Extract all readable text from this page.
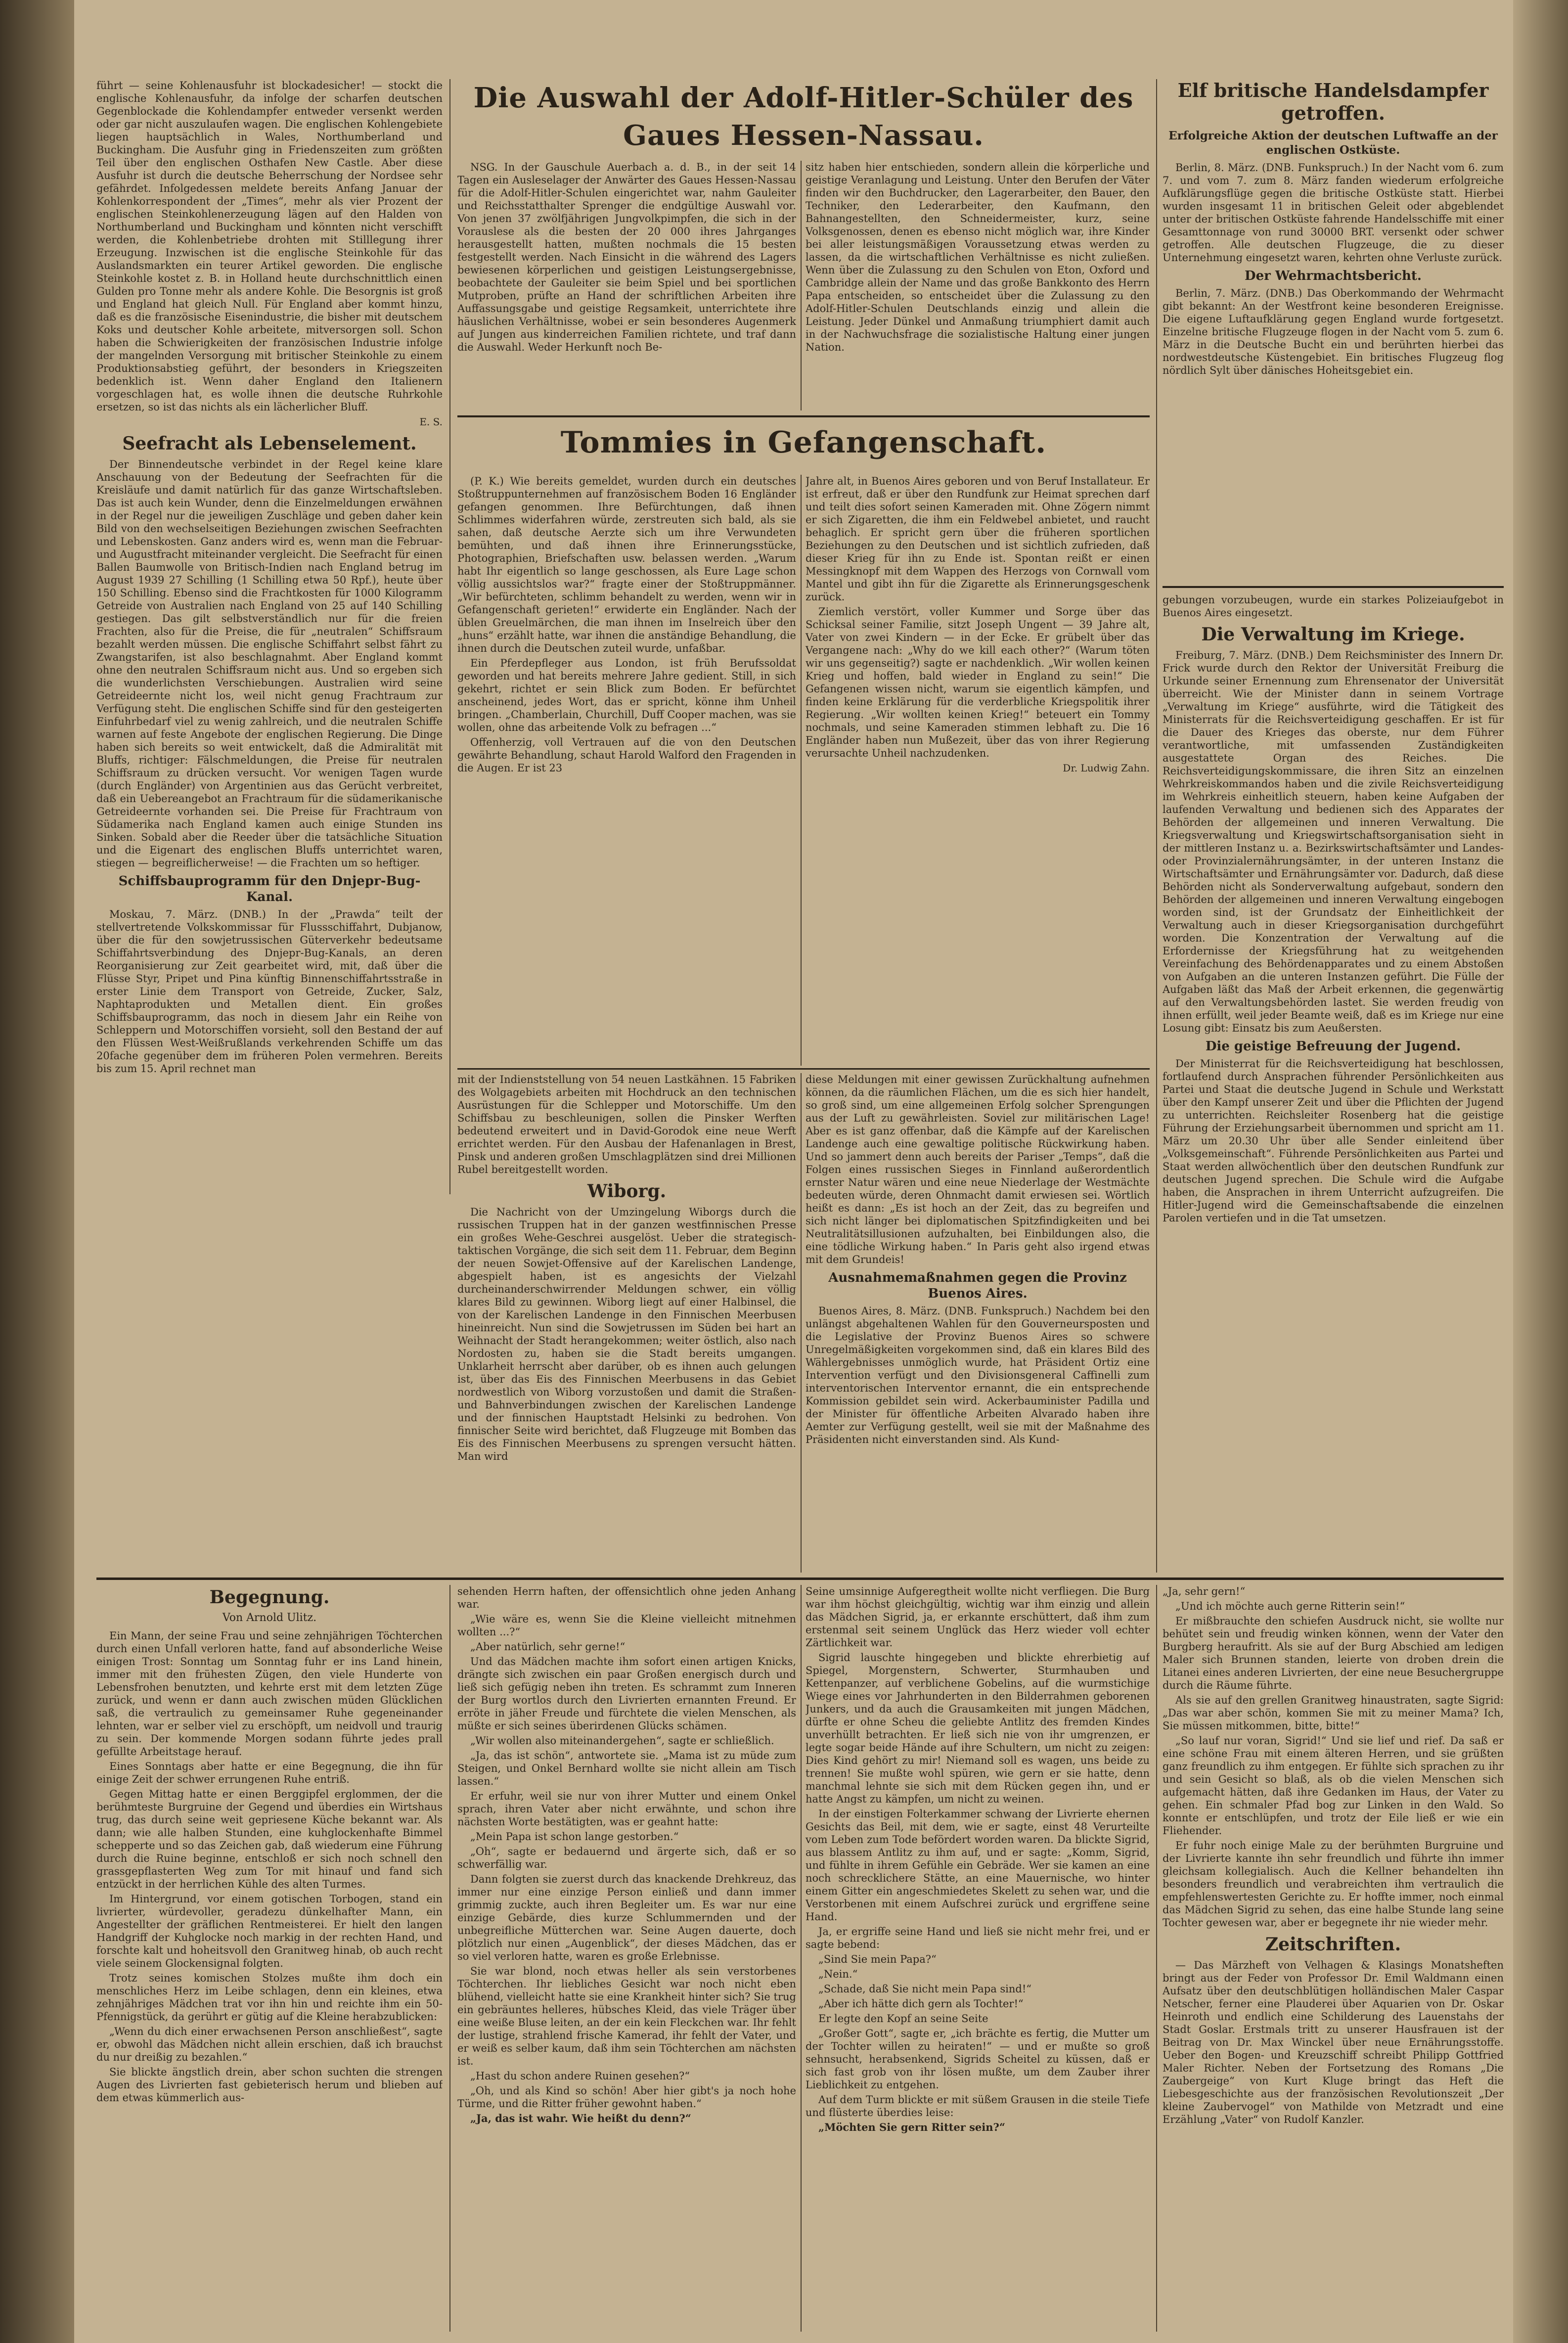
führt — seine Kohlenausfuhr ist blockadesicher! — stockt die englische Kohlenausfuhr, da infolge der scharfen deutschen Gegenblockade die Kohlendampfer entweder versenkt werden oder gar nicht auszulaufen wagen. Die englischen Kohlengebiete liegen hauptsächlich in Wales, Northumberland und Buckingham. Die Ausfuhr ging in Friedenszeiten zum größten Teil über den englischen Osthafen New Castle. Aber diese Ausfuhr ist durch die deutsche Beherrschung der Nordsee sehr gefährdet. Infolgedessen meldete bereits Anfang Januar der Kohlenkorrespondent der „Times“, mehr als vier Prozent der englischen Steinkohlenerzeugung lägen auf den Halden von Northumberland und Buckingham und könnten nicht verschifft werden, die Kohlenbetriebe drohten mit Stilllegung ihrer Erzeugung. Inzwischen ist die englische Steinkohle für das Auslandsmarkten ein teurer Artikel geworden. Die englische Steinkohle kostet z. B. in Holland heute durchschnittlich einen Gulden pro Tonne mehr als andere Kohle. Die Besorgnis ist groß und England hat gleich Null. Für England aber kommt hinzu, daß es die französische Eisenindustrie, die bisher mit deutschem Koks und deutscher Kohle arbeitete, mitversorgen soll. Schon haben die Schwierigkeiten der französischen Industrie infolge der mangelnden Versorgung mit britischer Steinkohle zu einem Produktionsabstieg geführt, der besonders in Kriegszeiten bedenklich ist. Wenn daher England den Italienern vorgeschlagen hat, es wolle ihnen die deutsche Ruhrkohle ersetzen, so ist das nichts als ein lächerlicher Bluff.

E. S.
Seefracht als Lebenselement.

Der Binnendeutsche verbindet in der Regel keine klare Anschauung von der Bedeutung der Seefrachten für die Kreisläufe und damit natürlich für das ganze Wirtschaftsleben. Das ist auch kein Wunder, denn die Einzelmeldungen erwähnen in der Regel nur die jeweiligen Zuschläge und geben daher kein Bild von den wechselseitigen Beziehungen zwischen Seefrachten und Lebenskosten. Ganz anders wird es, wenn man die Februar- und Augustfracht miteinander vergleicht. Die Seefracht für einen Ballen Baumwolle von Britisch-Indien nach England betrug im August 1939 27 Schilling (1 Schilling etwa 50 Rpf.), heute über 150 Schilling. Ebenso sind die Frachtkosten für 1000 Kilogramm Getreide von Australien nach England von 25 auf 140 Schilling gestiegen. Das gilt selbstverständlich nur für die freien Frachten, also für die Preise, die für „neutralen“ Schiffsraum bezahlt werden müssen. Die englische Schiffahrt selbst fährt zu Zwangstarifen, ist also beschlagnahmt. Aber England kommt ohne den neutralen Schiffsraum nicht aus. Und so ergeben sich die wunderlichsten Verschiebungen. Australien wird seine Getreideernte nicht los, weil nicht genug Frachtraum zur Verfügung steht. Die englischen Schiffe sind für den gesteigerten Einfuhrbedarf viel zu wenig zahlreich, und die neutralen Schiffe warnen auf feste Angebote der englischen Regierung. Die Dinge haben sich bereits so weit entwickelt, daß die Admiralität mit Bluffs, richtiger: Fälschmeldungen, die Preise für neutralen Schiffsraum zu drücken versucht. Vor wenigen Tagen wurde (durch Engländer) von Argentinien aus das Gerücht verbreitet, daß ein Uebereangebot an Frachtraum für die südamerikanische Getreideernte vorhanden sei. Die Preise für Frachtraum von Südamerika nach England kamen auch einige Stunden ins Sinken. Sobald aber die Reeder über die tatsächliche Situation und die Eigenart des englischen Bluffs unterrichtet waren, stiegen — begreiflicherweise! — die Frachten um so heftiger.

Schiffsbauprogramm für den Dnjepr-Bug-Kanal.

Moskau, 7. März. (DNB.) In der „Prawda“ teilt der stellvertretende Volkskommissar für Flussschiffahrt, Dubjanow, über die für den sowjetrussischen Güterverkehr bedeutsame Schiffahrtsverbindung des Dnjepr-Bug-Kanals, an deren Reorganisierung zur Zeit gearbeitet wird, mit, daß über die Flüsse Styr, Pripet und Pina künftig Binnenschiffahrtsstraße in erster Linie dem Transport von Getreide, Zucker, Salz, Naphtaprodukten und Metallen dient. Ein großes Schiffsbauprogramm, das noch in diesem Jahr ein Reihe von Schleppern und Motorschiffen vorsieht, soll den Bestand der auf den Flüssen West-Weißrußlands verkehrenden Schiffe um das 20fache gegenüber dem im früheren Polen vermehren. Bereits bis zum 15. April rechnet man

Die Auswahl der Adolf-Hitler-Schüler des Gaues Hessen-Nassau.

NSG. In der Gauschule Auerbach a. d. B., in der seit 14 Tagen ein Ausleselager der Anwärter des Gaues Hessen-Nassau für die Adolf-Hitler-Schulen eingerichtet war, nahm Gauleiter und Reichsstatthalter Sprenger die endgültige Auswahl vor. Von jenen 37 zwölfjährigen Jungvolkpimpfen, die sich in der Vorauslese als die besten der 20 000 ihres Jahrganges herausgestellt hatten, mußten nochmals die 15 besten festgestellt werden. Nach Einsicht in die während des Lagers bewiesenen körperlichen und geistigen Leistungsergebnisse, beobachtete der Gauleiter sie beim Spiel und bei sportlichen Mutproben, prüfte an Hand der schriftlichen Arbeiten ihre Auffassungsgabe und geistige Regsamkeit, unterrichtete ihre häuslichen Verhältnisse, wobei er sein besonderes Augenmerk auf Jungen aus kinderreichen Familien richtete, und traf dann die Auswahl. Weder Herkunft noch Be-

sitz haben hier entschieden, sondern allein die körperliche und geistige Veranlagung und Leistung. Unter den Berufen der Väter finden wir den Buchdrucker, den Lagerarbeiter, den Bauer, den Techniker, den Lederarbeiter, den Kaufmann, den Bahnangestellten, den Schneidermeister, kurz, seine Volksgenossen, denen es ebenso nicht möglich war, ihre Kinder bei aller leistungsmäßigen Voraussetzung etwas werden zu lassen, da die wirtschaftlichen Verhältnisse es nicht zuließen. Wenn über die Zulassung zu den Schulen von Eton, Oxford und Cambridge allein der Name und das große Bankkonto des Herrn Papa entscheiden, so entscheidet über die Zulassung zu den Adolf-Hitler-Schulen Deutschlands einzig und allein die Leistung. Jeder Dünkel und Anmaßung triumphiert damit auch in der Nachwuchsfrage die sozialistische Haltung einer jungen Nation.

Tommies in Gefangenschaft.

(P. K.) Wie bereits gemeldet, wurden durch ein deutsches Stoßtruppunternehmen auf französischem Boden 16 Engländer gefangen genommen. Ihre Befürchtungen, daß ihnen Schlimmes widerfahren würde, zerstreuten sich bald, als sie sahen, daß deutsche Aerzte sich um ihre Verwundeten bemühten, und daß ihnen ihre Erinnerungsstücke, Photographien, Briefschaften usw. belassen werden. „Warum habt Ihr eigentlich so lange geschossen, als Eure Lage schon völlig aussichtslos war?“ fragte einer der Stoßtruppmänner. „Wir befürchteten, schlimm behandelt zu werden, wenn wir in Gefangenschaft gerieten!“ erwiderte ein Engländer. Nach der üblen Greuelmärchen, die man ihnen im Inselreich über den „huns“ erzählt hatte, war ihnen die anständige Behandlung, die ihnen durch die Deutschen zuteil wurde, unfaßbar.

Ein Pferdepfleger aus London, ist früh Berufssoldat geworden und hat bereits mehrere Jahre gedient. Still, in sich gekehrt, richtet er sein Blick zum Boden. Er befürchtet anscheinend, jedes Wort, das er spricht, könne ihm Unheil bringen. „Chamberlain, Churchill, Duff Cooper machen, was sie wollen, ohne das arbeitende Volk zu befragen ...“

Offenherzig, voll Vertrauen auf die von den Deutschen gewährte Behandlung, schaut Harold Walford den Fragenden in die Augen. Er ist 23

Jahre alt, in Buenos Aires geboren und von Beruf Installateur. Er ist erfreut, daß er über den Rundfunk zur Heimat sprechen darf und teilt dies sofort seinen Kameraden mit. Ohne Zögern nimmt er sich Zigaretten, die ihm ein Feldwebel anbietet, und raucht behaglich. Er spricht gern über die früheren sportlichen Beziehungen zu den Deutschen und ist sichtlich zufrieden, daß dieser Krieg für ihn zu Ende ist. Spontan reißt er einen Messingknopf mit dem Wappen des Herzogs von Cornwall vom Mantel und gibt ihn für die Zigarette als Erinnerungsgeschenk zurück.

Ziemlich verstört, voller Kummer und Sorge über das Schicksal seiner Familie, sitzt Joseph Ungent — 39 Jahre alt, Vater von zwei Kindern — in der Ecke. Er grübelt über das Vergangene nach: „Why do we kill each other?“ (Warum töten wir uns gegenseitig?) sagte er nachdenklich. „Wir wollen keinen Krieg und hoffen, bald wieder in England zu sein!“ Die Gefangenen wissen nicht, warum sie eigentlich kämpfen, und finden keine Erklärung für die verderbliche Kriegspolitik ihrer Regierung. „Wir wollten keinen Krieg!“ beteuert ein Tommy nochmals, und seine Kameraden stimmen lebhaft zu. Die 16 Engländer haben nun Mußezeit, über das von ihrer Regierung verursachte Unheil nachzudenken.

Dr. Ludwig Zahn.

mit der Indienststellung von 54 neuen Lastkähnen. 15 Fabriken des Wolgagebiets arbeiten mit Hochdruck an den technischen Ausrüstungen für die Schlepper und Motorschiffe. Um den Schiffsbau zu beschleunigen, sollen die Pinsker Werften bedeutend erweitert und in David-Gorodok eine neue Werft errichtet werden. Für den Ausbau der Hafenanlagen in Brest, Pinsk und anderen großen Umschlagplätzen sind drei Millionen Rubel bereitgestellt worden.

Wiborg.

Die Nachricht von der Umzingelung Wiborgs durch die russischen Truppen hat in der ganzen westfinnischen Presse ein großes Wehe-Geschrei ausgelöst. Ueber die strategisch-taktischen Vorgänge, die sich seit dem 11. Februar, dem Beginn der neuen Sowjet-Offensive auf der Karelischen Landenge, abgespielt haben, ist es angesichts der Vielzahl durcheinanderschwirrender Meldungen schwer, ein völlig klares Bild zu gewinnen. Wiborg liegt auf einer Halbinsel, die von der Karelischen Landenge in den Finnischen Meerbusen hineinreicht. Nun sind die Sowjetrussen im Süden bei hart an Weihnacht der Stadt herangekommen; weiter östlich, also nach Nordosten zu, haben sie die Stadt bereits umgangen. Unklarheit herrscht aber darüber, ob es ihnen auch gelungen ist, über das Eis des Finnischen Meerbusens in das Gebiet nordwestlich von Wiborg vorzustoßen und damit die Straßen- und Bahnverbindungen zwischen der Karelischen Landenge und der finnischen Hauptstadt Helsinki zu bedrohen. Von finnischer Seite wird berichtet, daß Flugzeuge mit Bomben das Eis des Finnischen Meerbusens zu sprengen versucht hätten. Man wird

diese Meldungen mit einer gewissen Zurückhaltung aufnehmen können, da die räumlichen Flächen, um die es sich hier handelt, so groß sind, um eine allgemeinen Erfolg solcher Sprengungen aus der Luft zu gewährleisten. Soviel zur militärischen Lage! Aber es ist ganz offenbar, daß die Kämpfe auf der Karelischen Landenge auch eine gewaltige politische Rückwirkung haben. Und so jammert denn auch bereits der Pariser „Temps“, daß die Folgen eines russischen Sieges in Finnland außerordentlich ernster Natur wären und eine neue Niederlage der Westmächte bedeuten würde, deren Ohnmacht damit erwiesen sei. Wörtlich heißt es dann: „Es ist hoch an der Zeit, das zu begreifen und sich nicht länger bei diplomatischen Spitzfindigkeiten und bei Neutralitätsillusionen aufzuhalten, bei Einbildungen also, die eine tödliche Wirkung haben.“ In Paris geht also irgend etwas mit dem Grundeis!

Ausnahmemaßnahmen gegen die Provinz Buenos Aires.

Buenos Aires, 8. März. (DNB. Funkspruch.) Nachdem bei den unlängst abgehaltenen Wahlen für den Gouverneursposten und die Legislative der Provinz Buenos Aires so schwere Unregelmäßigkeiten vorgekommen sind, daß ein klares Bild des Wählergebnisses unmöglich wurde, hat Präsident Ortiz eine Intervention verfügt und den Divisionsgeneral Caffinelli zum interventorischen Interventor ernannt, die ein entsprechende Kommission gebildet sein wird. Ackerbauminister Padilla und der Minister für öffentliche Arbeiten Alvarado haben ihre Aemter zur Verfügung gestellt, weil sie mit der Maßnahme des Präsidenten nicht einverstanden sind. Als Kund-

Elf britische Handelsdampfer getroffen.
Erfolgreiche Aktion der deutschen Luftwaffe an der englischen Ostküste.

Berlin, 8. März. (DNB. Funkspruch.) In der Nacht vom 6. zum 7. und vom 7. zum 8. März fanden wiederum erfolgreiche Aufklärungsflüge gegen die britische Ostküste statt. Hierbei wurden insgesamt 11 in britischen Geleit oder abgeblendet unter der britischen Ostküste fahrende Handelsschiffe mit einer Gesamttonnage von rund 30000 BRT. versenkt oder schwer getroffen. Alle deutschen Flugzeuge, die zu dieser Unternehmung eingesetzt waren, kehrten ohne Verluste zurück.

Der Wehrmachtsbericht.

Berlin, 7. März. (DNB.) Das Oberkommando der Wehrmacht gibt bekannt: An der Westfront keine besonderen Ereignisse. Die eigene Luftaufklärung gegen England wurde fortgesetzt. Einzelne britische Flugzeuge flogen in der Nacht vom 5. zum 6. März in die Deutsche Bucht ein und berührten hierbei das nordwestdeutsche Küstengebiet. Ein britisches Flugzeug flog nördlich Sylt über dänisches Hoheitsgebiet ein.

gebungen vorzubeugen, wurde ein starkes Polizeiaufgebot in Buenos Aires eingesetzt.

Die Verwaltung im Kriege.

Freiburg, 7. März. (DNB.) Dem Reichsminister des Innern Dr. Frick wurde durch den Rektor der Universität Freiburg die Urkunde seiner Ernennung zum Ehrensenator der Universität überreicht. Wie der Minister dann in seinem Vortrage „Verwaltung im Kriege“ ausführte, wird die Tätigkeit des Ministerrats für die Reichsverteidigung geschaffen. Er ist für die Dauer des Krieges das oberste, nur dem Führer verantwortliche, mit umfassenden Zuständigkeiten ausgestattete Organ des Reiches. Die Reichsverteidigungskommissare, die ihren Sitz an einzelnen Wehrkreiskommandos haben und die zivile Reichsverteidigung im Wehrkreis einheitlich steuern, haben keine Aufgaben der laufenden Verwaltung und bedienen sich des Apparates der Behörden der allgemeinen und inneren Verwaltung. Die Kriegsverwaltung und Kriegswirtschaftsorganisation sieht in der mittleren Instanz u. a. Bezirkswirtschaftsämter und Landes- oder Provinzialernährungsämter, in der unteren Instanz die Wirtschaftsämter und Ernährungsämter vor. Dadurch, daß diese Behörden nicht als Sonderverwaltung aufgebaut, sondern den Behörden der allgemeinen und inneren Verwaltung eingebogen worden sind, ist der Grundsatz der Einheitlichkeit der Verwaltung auch in dieser Kriegsorganisation durchgeführt worden. Die Konzentration der Verwaltung auf die Erfordernisse der Kriegsführung hat zu weitgehenden Vereinfachung des Behördenapparates und zu einem Abstoßen von Aufgaben an die unteren Instanzen geführt. Die Fülle der Aufgaben läßt das Maß der Arbeit erkennen, die gegenwärtig auf den Verwaltungsbehörden lastet. Sie werden freudig von ihnen erfüllt, weil jeder Beamte weiß, daß es im Kriege nur eine Losung gibt: Einsatz bis zum Aeußersten.

Die geistige Befreuung der Jugend.

Der Ministerrat für die Reichsverteidigung hat beschlossen, fortlaufend durch Ansprachen führender Persönlichkeiten aus Partei und Staat die deutsche Jugend in Schule und Werkstatt über den Kampf unserer Zeit und über die Pflichten der Jugend zu unterrichten. Reichsleiter Rosenberg hat die geistige Führung der Erziehungsarbeit übernommen und spricht am 11. März um 20.30 Uhr über alle Sender einleitend über „Volksgemeinschaft“. Führende Persönlichkeiten aus Partei und Staat werden allwöchentlich über den deutschen Rundfunk zur deutschen Jugend sprechen. Die Schule wird die Aufgabe haben, die Ansprachen in ihrem Unterricht aufzugreifen. Die Hitler-Jugend wird die Gemeinschaftsabende die einzelnen Parolen vertiefen und in die Tat umsetzen.

Begegnung.
Von Arnold Ulitz.

Ein Mann, der seine Frau und seine zehnjährigen Töchterchen durch einen Unfall verloren hatte, fand auf absonderliche Weise einigen Trost: Sonntag um Sonntag fuhr er ins Land hinein, immer mit den frühesten Zügen, den viele Hunderte von Lebensfrohen benutzten, und kehrte erst mit dem letzten Züge zurück, und wenn er dann auch zwischen müden Glücklichen saß, die vertraulich zu gemeinsamer Ruhe gegeneinander lehnten, war er selber viel zu erschöpft, um neidvoll und traurig zu sein. Der kommende Morgen sodann führte jedes prall gefüllte Arbeitstage herauf.

Eines Sonntags aber hatte er eine Begegnung, die ihn für einige Zeit der schwer errungenen Ruhe entriß.

Gegen Mittag hatte er einen Berggipfel erglommen, der die berühmteste Burgruine der Gegend und überdies ein Wirtshaus trug, das durch seine weit gepriesene Küche bekannt war. Als dann; wie alle halben Stunden, eine kuhglockenhafte Bimmel schepperte und so das Zeichen gab, daß wiederum eine Führung durch die Ruine beginne, entschloß er sich noch schnell den grassgepflasterten Weg zum Tor mit hinauf und fand sich entzückt in der herrlichen Kühle des alten Turmes.

Im Hintergrund, vor einem gotischen Torbogen, stand ein livrierter, würdevoller, geradezu dünkelhafter Mann, ein Angestellter der gräflichen Rentmeisterei. Er hielt den langen Handgriff der Kuhglocke noch markig in der rechten Hand, und forschte kalt und hoheitsvoll den Granitweg hinab, ob auch recht viele seinem Glockensignal folgten.

Trotz seines komischen Stolzes mußte ihm doch ein menschliches Herz im Leibe schlagen, denn ein kleines, etwa zehnjähriges Mädchen trat vor ihn hin und reichte ihm ein 50-Pfennigstück, da gerührt er gütig auf die Kleine herabzublicken:

„Wenn du dich einer erwachsenen Person anschließest“, sagte er, obwohl das Mädchen nicht allein erschien, daß ich brauchst du nur dreißig zu bezahlen.“

Sie blickte ängstlich drein, aber schon suchten die strengen Augen des Livrierten fast gebieterisch herum und blieben auf dem etwas kümmerlich aus-

sehenden Herrn haften, der offensichtlich ohne jeden Anhang war.

„Wie wäre es, wenn Sie die Kleine vielleicht mitnehmen wollten ...?“

„Aber natürlich, sehr gerne!“

Und das Mädchen machte ihm sofort einen artigen Knicks, drängte sich zwischen ein paar Großen energisch durch und ließ sich gefügig neben ihn treten. Es schrammt zum Inneren der Burg wortlos durch den Livrierten ernannten Freund. Er erröte in jäher Freude und fürchtete die vielen Menschen, als müßte er sich seines überirdenen Glücks schämen.

„Wir wollen also miteinandergehen“, sagte er schließlich.

„Ja, das ist schön“, antwortete sie. „Mama ist zu müde zum Steigen, und Onkel Bernhard wollte sie nicht allein am Tisch lassen.“

Er erfuhr, weil sie nur von ihrer Mutter und einem Onkel sprach, ihren Vater aber nicht erwähnte, und schon ihre nächsten Worte bestätigten, was er geahnt hatte:

„Mein Papa ist schon lange gestorben.“

„Oh“, sagte er bedauernd und ärgerte sich, daß er so schwerfällig war.

Dann folgten sie zuerst durch das knackende Drehkreuz, das immer nur eine einzige Person einließ und dann immer grimmig zuckte, auch ihren Begleiter um. Es war nur eine einzige Gebärde, dies kurze Schlummernden und der unbegreifliche Mütterchen war. Seine Augen dauerte, doch plötzlich nur einen „Augenblick“, der dieses Mädchen, das er so viel verloren hatte, waren es große Erlebnisse.

Sie war blond, noch etwas heller als sein verstorbenes Töchterchen. Ihr liebliches Gesicht war noch nicht eben blühend, vielleicht hatte sie eine Krankheit hinter sich? Sie trug ein gebräuntes helleres, hübsches Kleid, das viele Träger über eine weiße Bluse leiten, an der ein kein Fleckchen war. Ihr fehlt der lustige, strahlend frische Kamerad, ihr fehlt der Vater, und er weiß es selber kaum, daß ihm sein Töchterchen am nächsten ist.

„Hast du schon andere Ruinen gesehen?“

„Oh, und als Kind so schön! Aber hier gibt's ja noch hohe Türme, und die Ritter früher gewohnt haben.“

„Ja, das ist wahr. Wie heißt du denn?“

Seine umsinnige Aufgeregtheit wollte nicht verfliegen. Die Burg war ihm höchst gleichgültig, wichtig war ihm einzig und allein das Mädchen Sigrid, ja, er erkannte erschüttert, daß ihm zum erstenmal seit seinem Unglück das Herz wieder voll echter Zärtlichkeit war.

Sigrid lauschte hingegeben und blickte ehrerbietig auf Spiegel, Morgenstern, Schwerter, Sturmhauben und Kettenpanzer, auf verblichene Gobelins, auf die wurmstichige Wiege eines vor Jahrhunderten in den Bilderrahmen geborenen Junkers, und da auch die Grausamkeiten mit jungen Mädchen, dürfte er ohne Scheu die geliebte Antlitz des fremden Kindes unverhüllt betrachten. Er ließ sich nie von ihr umgrenzen, er legte sogar beide Hände auf ihre Schultern, um nicht zu zeigen: Dies Kind gehört zu mir! Niemand soll es wagen, uns beide zu trennen! Sie mußte wohl spüren, wie gern er sie hatte, denn manchmal lehnte sie sich mit dem Rücken gegen ihn, und er hatte Angst zu kämpfen, um nicht zu weinen.

In der einstigen Folterkammer schwang der Livrierte ehernen Gesichts das Beil, mit dem, wie er sagte, einst 48 Verurteilte vom Leben zum Tode befördert worden waren. Da blickte Sigrid, aus blassem Antlitz zu ihm auf, und er sagte: „Komm, Sigrid, und fühlte in ihrem Gefühle ein Gebräde. Wer sie kamen an eine noch schrecklichere Stätte, an eine Mauernische, wo hinter einem Gitter ein angeschmiedetes Skelett zu sehen war, und die Verstorbenen mit einem Aufschrei zurück und ergriffene seine Hand.

Ja, er ergriffe seine Hand und ließ sie nicht mehr frei, und er sagte bebend:

„Sind Sie mein Papa?“

„Nein.“

„Schade, daß Sie nicht mein Papa sind!“

„Aber ich hätte dich gern als Tochter!“

Er legte den Kopf an seine Seite

„Großer Gott“, sagte er, „ich brächte es fertig, die Mutter um der Tochter willen zu heiraten!“ — und er mußte so groß sehnsucht, herabsenkend, Sigrids Scheitel zu küssen, daß er sich fast grob von ihr lösen mußte, um dem Zauber ihrer Lieblichkeit zu entgehen.

Auf dem Turm blickte er mit süßem Grausen in die steile Tiefe und flüsterte überdies leise:

„Möchten Sie gern Ritter sein?“

„Ja, sehr gern!“

„Und ich möchte auch gerne Ritterin sein!“

Er mißbrauchte den schiefen Ausdruck nicht, sie wollte nur behütet sein und freudig winken können, wenn der Vater den Burgberg heraufritt. Als sie auf der Burg Abschied am ledigen Maler sich Brunnen standen, leierte von droben drein die Litanei eines anderen Livrierten, der eine neue Besuchergruppe durch die Räume führte.

Als sie auf den grellen Granitweg hinaustraten, sagte Sigrid: „Das war aber schön, kommen Sie mit zu meiner Mama? Ich, Sie müssen mitkommen, bitte, bitte!“

„So lauf nur voran, Sigrid!“ Und sie lief und rief. Da saß er eine schöne Frau mit einem älteren Herren, und sie grüßten ganz freundlich zu ihm entgegen. Er fühlte sich sprachen zu ihr und sein Gesicht so blaß, als ob die vielen Menschen sich aufgemacht hätten, daß ihre Gedanken im Haus, der Vater zu gehen. Ein schmaler Pfad bog zur Linken in den Wald. So konnte er entschlüpfen, und trotz der Eile ließ er wie ein Fliehender.

Er fuhr noch einige Male zu der berühmten Burgruine und der Livrierte kannte ihn sehr freundlich und führte ihn immer gleichsam kollegialisch. Auch die Kellner behandelten ihn besonders freundlich und verabreichten ihm vertraulich die empfehlenswertesten Gerichte zu. Er hoffte immer, noch einmal das Mädchen Sigrid zu sehen, das eine halbe Stunde lang seine Tochter gewesen war, aber er begegnete ihr nie wieder mehr.

Zeitschriften.

— Das Märzheft von Velhagen & Klasings Monatsheften bringt aus der Feder von Professor Dr. Emil Waldmann einen Aufsatz über den deutschblütigen holländischen Maler Caspar Netscher, ferner eine Plauderei über Aquarien von Dr. Oskar Heinroth und endlich eine Schilderung des Lauenstahs der Stadt Goslar. Erstmals tritt zu unserer Hausfrauen ist der Beitrag von Dr. Max Winckel über neue Ernährungsstoffe. Ueber den Bogen- und Kreuzschiff schreibt Philipp Gottfried Maler Richter. Neben der Fortsetzung des Romans „Die Zaubergeige“ von Kurt Kluge bringt das Heft die Liebesgeschichte aus der französischen Revolutionszeit „Der kleine Zaubervogel“ von Mathilde von Metzradt und eine Erzählung „Vater“ von Rudolf Kanzler.
